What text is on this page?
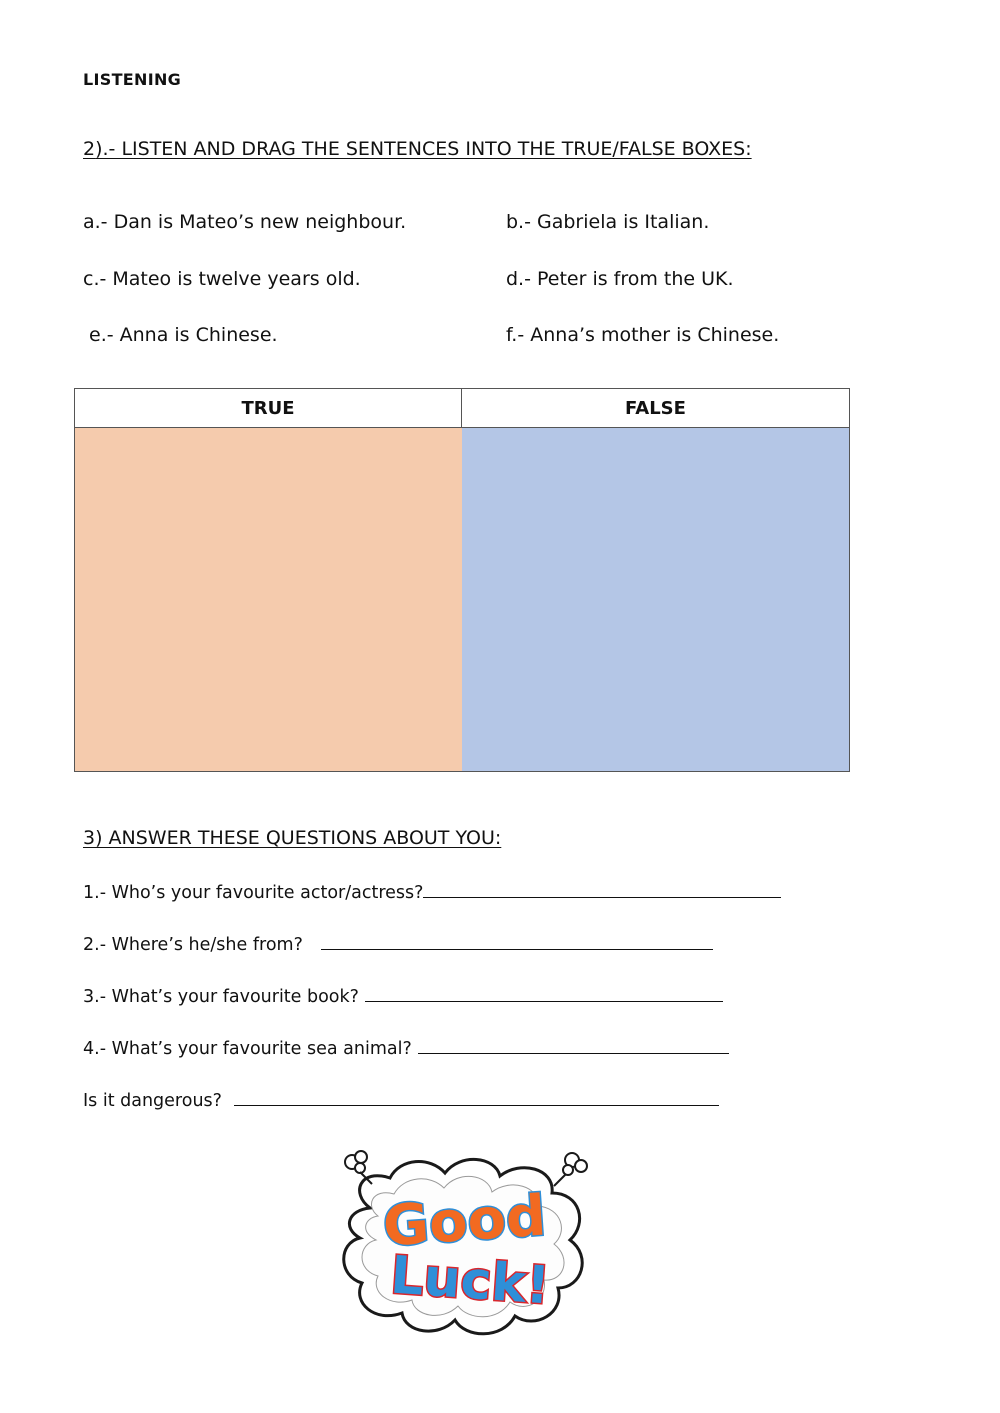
LISTENING
2).- LISTEN AND DRAG THE SENTENCES INTO THE TRUE/FALSE BOXES:
a.- Dan is Mateo’s new neighbour.	b.- Gabriela is Italian.
c.- Mateo is twelve years old.	d.- Peter is from the UK.
e.- Anna is Chinese.	f.- Anna’s mother is Chinese.
TRUE	FALSE
3) ANSWER THESE QUESTIONS ABOUT YOU:
1.- Who’s your favourite actor/actress?
2.- Where’s he/she from?
3.- What’s your favourite book?
4.- What’s your favourite sea animal?
Is it dangerous?
Good
Luck!
